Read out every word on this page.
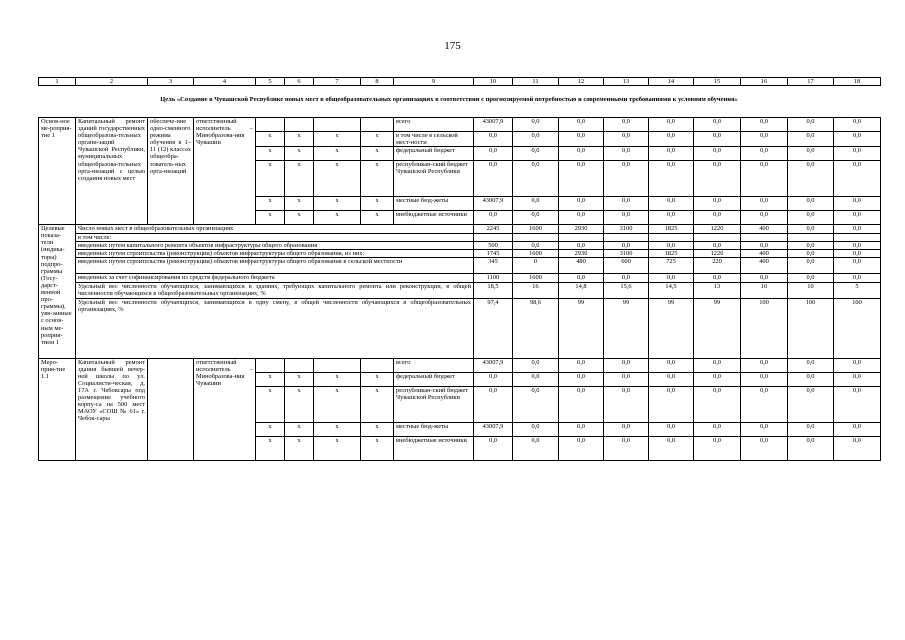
175
1	2	3	4	5	6	7	8	9	10	11	12	13	14	15	16	17	18
Цель «Создание в Чувашской Республике новых мест в общеобразовательных организациях в соответствии с прогнозируемой потребностью и современными требованиями к условиям обучения»
Основ-ное ме-роприя-тие 1	Капитальный ремонт зданий государственных общеобразова-тельных органи-заций Чувашской Республики, муниципальных общеобразова-тельных орга-низаций с целью создания новых мест	обеспече-ние одно-сменного режима обучения в 1–11 (12) классах общеобра-зователь-ных орга-низаций	ответственный исполнитель – Минобразова-ния Чувашии					всего	43007,9	0,0	0,0	0,0	0,0	0,0	0,0	0,0	0,0
				x	x	x	x	в том числе в сельской мест-ности	0,0	0,0	0,0	0,0	0,0	0,0	0,0	0,0	0,0
				x	x	x	x	федеральный бюджет	0,0	0,0	0,0	0,0	0,0	0,0	0,0	0,0	0,0
				x	x	x	x	республикан-ский бюджет Чувашской Республики	0,0	0,0	0,0	0,0	0,0	0,0	0,0	0,0	0,0
				x	x	x	x	местные бюд-жеты	43007,9	0,0	0,0	0,0	0,0	0,0	0,0	0,0	0,0
				x	x	x	x	внебюджетные источники	0,0	0,0	0,0	0,0	0,0	0,0	0,0	0,0	0,0
Целевые показа-тели (индика-торы) подпро-граммы (Госу-дарст-венной про-граммы), увя-занные с основ-ным ме-роприя-тием 1	Число новых мест в общеобразовательных организациях								2245	1600	2930	3100	1825	1220	400	0,0	0,0
	в том числе:																
	введенных путем капитального ремонта объектов инфраструктуры общего образования								500	0,0	0,0	0,0	0,0	0,0	0,0	0,0	0,0
	введенных путем строительства (реконструкции) объектов инфраструктуры общего образования, из них:								1745	1600	2930	3100	1825	1220	400	0,0	0,0
	введенных путем строительства (реконструкции) объектов инфраструктуры общего образования в сельской местности								345	0	480	600	725	220	400	0,0	0,0
	введенных за счет софинансирования из средств федерального бюджета								1100	1600	0,0	0,0	0,0	0,0	0,0	0,0	0,0
	Удельный вес численности обучающихся, занимающихся в зданиях, требующих капитального ремонта или реконструкции, в общей численности обучающихся в общеобразовательных организациях, %								18,5	16	14,8	15,6	14,5	13	10	10	5
	Удельный вес численности обучающихся, занимающихся в одну смену, в общей численности обучающихся в общеобразовательных организациях, %								97,4	98,6	99	99	99	99	100	100	100
Меро-прия-тие 1.1	Капитальный ремонт здания бывшей вечер-ней школы по ул. Социалисти-ческая, д. 17А г. Чебоксары под размещение учебного корпу-са на 500 мест МАОУ «СОШ № 61» г. Чебок-сары		ответственный исполнитель – Минобразова-ния Чувашии					всего	43007,9	0,0	0,0	0,0	0,0	0,0	0,0	0,0	0,0
				x	x	x	x	федеральный бюджет	0,0	0,0	0,0	0,0	0,0	0,0	0,0	0,0	0,0
				x	x	x	x	республикан-ский бюджет Чувашской Республики	0,0	0,0	0,0	0,0	0,0	0,0	0,0	0,0	0,0
				x	x	x	x	местные бюд-жеты	43007,9	0,0	0,0	0,0	0,0	0,0	0,0	0,0	0,0
				x	x	x	x	внебюджетные источники	0,0	0,0	0,0	0,0	0,0	0,0	0,0	0,0	0,0
